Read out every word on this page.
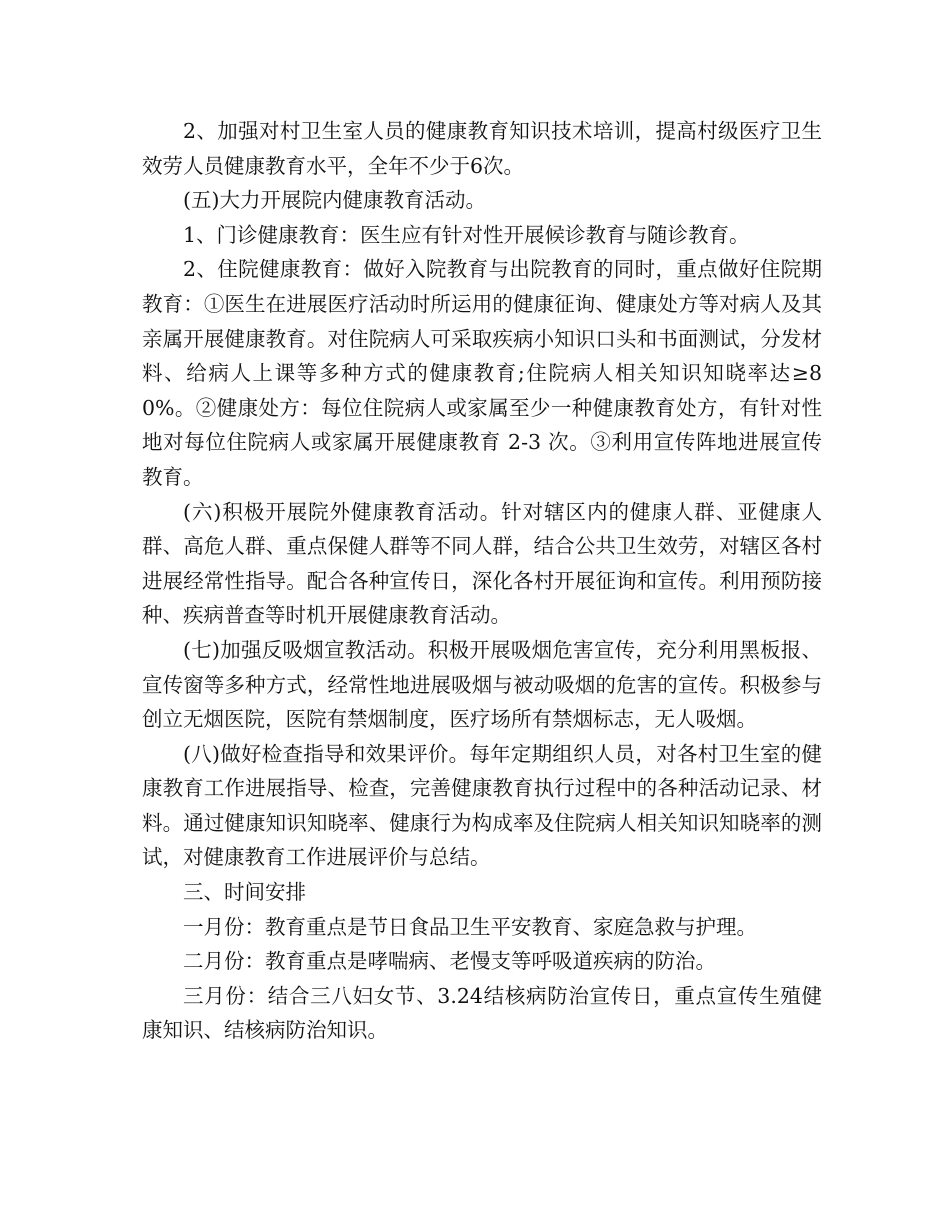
2、加强对村卫生室人员的健康教育知识技术培训，提高村级医疗卫生效劳人员健康教育水平，全年不少于6次。

(五)大力开展院内健康教育活动。

1、门诊健康教育：医生应有针对性开展候诊教育与随诊教育。

2、住院健康教育：做好入院教育与出院教育的同时，重点做好住院期教育：①医生在进展医疗活动时所运用的健康征询、健康处方等对病人及其亲属开展健康教育。对住院病人可采取疾病小知识口头和书面测试，分发材料、给病人上课等多种方式的健康教育;住院病人相关知识知晓率达≥80%。②健康处方：每位住院病人或家属至少一种健康教育处方，有针对性地对每位住院病人或家属开展健康教育 2-3 次。③利用宣传阵地进展宣传教育。

(六)积极开展院外健康教育活动。针对辖区内的健康人群、亚健康人群、高危人群、重点保健人群等不同人群，结合公共卫生效劳，对辖区各村进展经常性指导。配合各种宣传日，深化各村开展征询和宣传。利用预防接种、疾病普查等时机开展健康教育活动。

(七)加强反吸烟宣教活动。积极开展吸烟危害宣传，充分利用黑板报、宣传窗等多种方式，经常性地进展吸烟与被动吸烟的危害的宣传。积极参与创立无烟医院，医院有禁烟制度，医疗场所有禁烟标志，无人吸烟。

(八)做好检查指导和效果评价。每年定期组织人员，对各村卫生室的健康教育工作进展指导、检查，完善健康教育执行过程中的各种活动记录、材料。通过健康知识知晓率、健康行为构成率及住院病人相关知识知晓率的测试，对健康教育工作进展评价与总结。

三、时间安排

一月份：教育重点是节日食品卫生平安教育、家庭急救与护理。

二月份：教育重点是哮喘病、老慢支等呼吸道疾病的防治。

三月份：结合三八妇女节、3.24结核病防治宣传日，重点宣传生殖健康知识、结核病防治知识。
